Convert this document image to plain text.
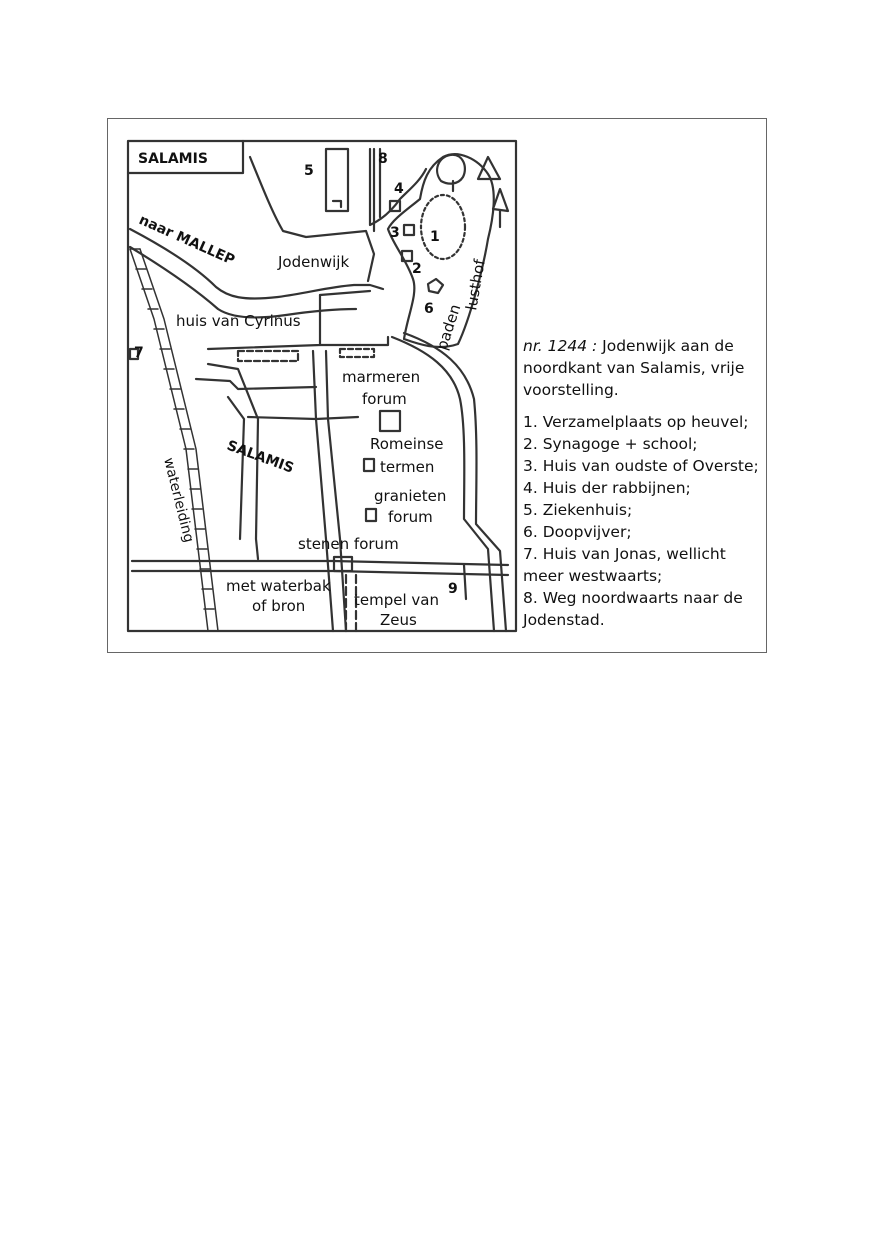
SALAMIS
naar MALLEP	Jodenwijk
huis van Cyrinus
SALAMIS
waterleiding
marmeren
forum
Romeinse
termen
granieten
forum
stenen forum
met waterbak
of bron	tempel van
Zeus
paden
lusthof
1
2
3
4
5
6
7
8
9

nr. 1244 : Jodenwijk aan de noordkant van Salamis, vrije voorstelling.

1. Verzamelplaats op heuvel;
2. Synagoge + school;
3. Huis van oudste of Overste;
4. Huis der rabbijnen;
5. Ziekenhuis;
6. Doopvijver;
7. Huis van Jonas, wellicht meer westwaarts;
8. Weg noordwaarts naar de Jodenstad.
